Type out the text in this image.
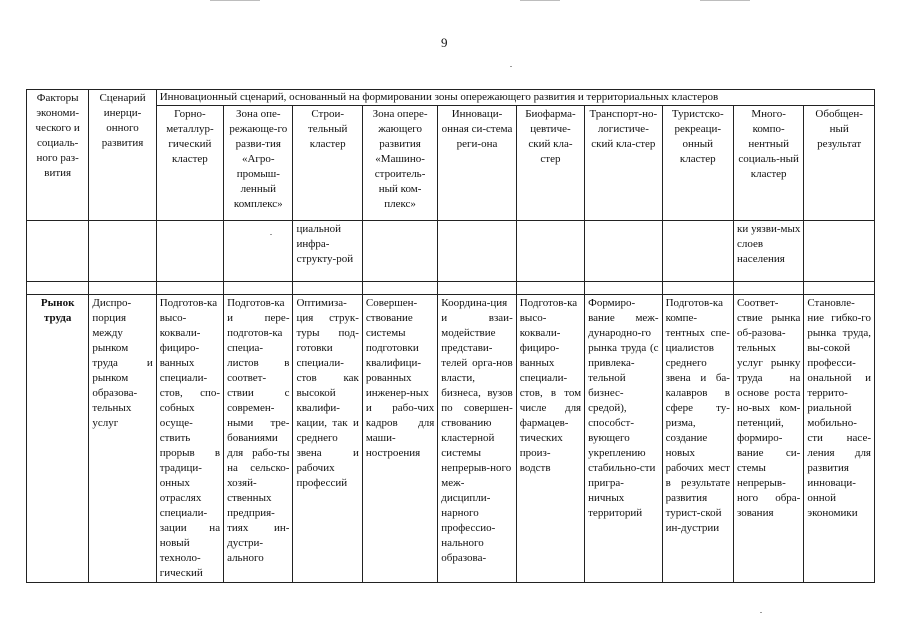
9
Факторы экономи-ческого и социаль-ного раз-вития	Сценарий инерци-онного развития	Инновационный сценарий, основанный на формировании зоны опережающего развития и территориальных кластеров									
		Горно-металлур-гический кластер	Зона опе-режающе-го разви-тия «Агро-промыш-ленный комплекс»	Строи-тельный кластер	Зона опере-жающего развития «Машино-строитель-ный ком-плекс»	Инноваци-онная си-стема реги-она	Биофарма-цевтиче-ский кла-стер	Транспорт-но-логистиче-ский кла-стер	Туристско-рекреаци-онный кластер	Много-компо-нентный социаль-ный кластер	Обобщен-ный результат
				циальной инфра-структу-рой						ки уязви-мых слоев населения	

Рынок труда	Диспро-порция между рынком труда и рынком образова-тельных услуг	Подготов-ка высо-коквали-фициро-ванных специали-стов, спо-собных осуще-ствить прорыв в традици-онных отраслях специали-зации на новый техноло-гический	Подготов-ка и пере-подготов-ка специа-листов в соответ-ствии с современ-ными тре-бованиями для рабо-ты на сельско-хозяй-ственных предприя-тиях ин-дустри-ального	Оптимиза-ция струк-туры под-готовки специали-стов как высокой квалифи-кации, так и среднего звена и рабочих профессий	Совершен-ствование системы подготовки квалифици-рованных инженер-ных и рабо-чих кадров для маши-ностроения	Координа-ция и взаи-модействие представи-телей орга-нов власти, бизнеса, вузов по совершен-ствованию кластерной системы непрерыв-ного меж-дисципли-нарного профессио-нального образова-	Подготов-ка высо-коквали-фициро-ванных специали-стов, в том числе для фармацев-тических произ-водств	Формиро-вание меж-дународно-го рынка труда (с привлека-тельной бизнес-средой), способст-вующего укреплению стабильно-сти пригра-ничных территорий	Подготов-ка компе-тентных спе-циалистов среднего звена и ба-калавров в сфере ту-ризма, создание новых рабочих мест в результате развития турист-ской ин-дустрии	Соответ-ствие рынка об-разова-тельных услуг рынку труда на основе роста но-вых ком-петенций, формиро-вание си-стемы непрерыв-ного обра-зования	Становле-ние гибко-го рынка труда, вы-сокой професси-ональной и террито-риальной мобильно-сти насе-ления для развития инноваци-онной экономики
